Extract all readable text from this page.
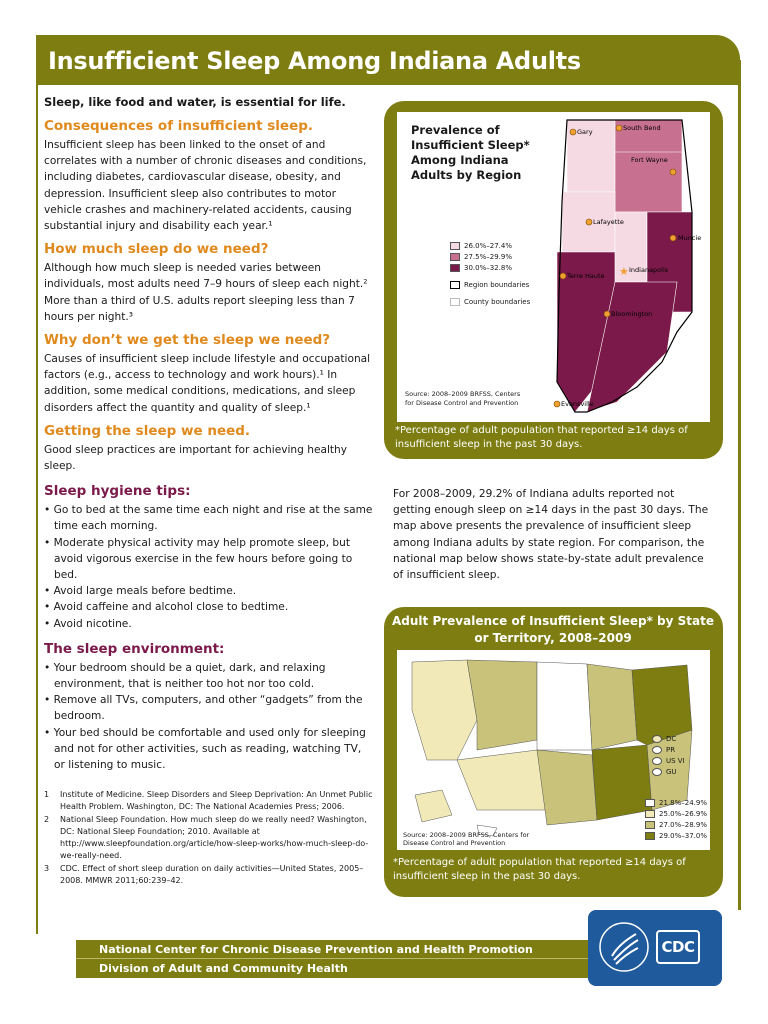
Insufficient Sleep Among Indiana Adults

Sleep, like food and water, is essential for life.

Consequences of insufficient sleep.

Insufficient sleep has been linked to the onset of and correlates with a number of chronic diseases and conditions, including diabetes, cardiovascular disease, obesity, and depression. Insufficient sleep also contributes to motor vehicle crashes and machinery-related accidents, causing substantial injury and disability each year.¹

How much sleep do we need?

Although how much sleep is needed varies between individuals, most adults need 7–9 hours of sleep each night.² More than a third of U.S. adults report sleeping less than 7 hours per night.³

Why don’t we get the sleep we need?

Causes of insufficient sleep include lifestyle and occupational factors (e.g., access to technology and work hours).¹ In addition, some medical conditions, medications, and sleep disorders affect the quantity and quality of sleep.¹

Getting the sleep we need.

Good sleep practices are important for achieving healthy sleep.

Sleep hygiene tips:
• Go to bed at the same time each night and rise at the same time each morning.
• Moderate physical activity may help promote sleep, but avoid vigorous exercise in the few hours before going to bed.
• Avoid large meals before bedtime.
• Avoid caffeine and alcohol close to bedtime.
• Avoid nicotine.
The sleep environment:
• Your bedroom should be a quiet, dark, and relaxing environment, that is neither too hot nor too cold.
• Remove all TVs, computers, and other “gadgets” from the bedroom.
• Your bed should be comfortable and used only for sleeping and not for other activities, such as reading, watching TV, or listening to music.
1	Institute of Medicine. Sleep Disorders and Sleep Deprivation: An Unmet Public Health Problem. Washington, DC: The National Academies Press; 2006.
2	National Sleep Foundation. How much sleep do we really need? Washington, DC: National Sleep Foundation; 2010. Available at http://www.sleepfoundation.org/article/how-sleep-works/how-much-sleep-do-we-really-need.
3	CDC. Effect of short sleep duration on daily activities—United States, 2005–2008. MMWR 2011;60:239–42.
★
Gary	South Bend
Fort Wayne
Lafayette
Muncie
Indianapolis
Terre Haute
Bloomington
Evansville
Prevalence of Insufficient Sleep* Among Indiana Adults by Region
26.0%–27.4%
27.5%–29.9%
30.0%–32.8%
Region boundaries
County boundaries
Source: 2008–2009 BRFSS, Centers for Disease Control and Prevention
*Percentage of adult population that reported ≥14 days of insufficient sleep in the past 30 days.

For 2008–2009, 29.2% of Indiana adults reported not getting enough sleep on ≥14 days in the past 30 days. The map above presents the prevalence of insufficient sleep among Indiana adults by state region. For comparison, the national map below shows state-by-state adult prevalence of insufficient sleep.

Adult Prevalence of Insufficient Sleep* by State or Territory, 2008–2009
DC
PR
US VI
GU
21.8%–24.9%
25.0%–26.9%
27.0%–28.9%
29.0%–37.0%
Source: 2008–2009 BRFSS, Centers for Disease Control and Prevention
*Percentage of adult population that reported ≥14 days of insufficient sleep in the past 30 days.
National Center for Chronic Disease Prevention and Health Promotion
Division of Adult and Community Health
CDC
